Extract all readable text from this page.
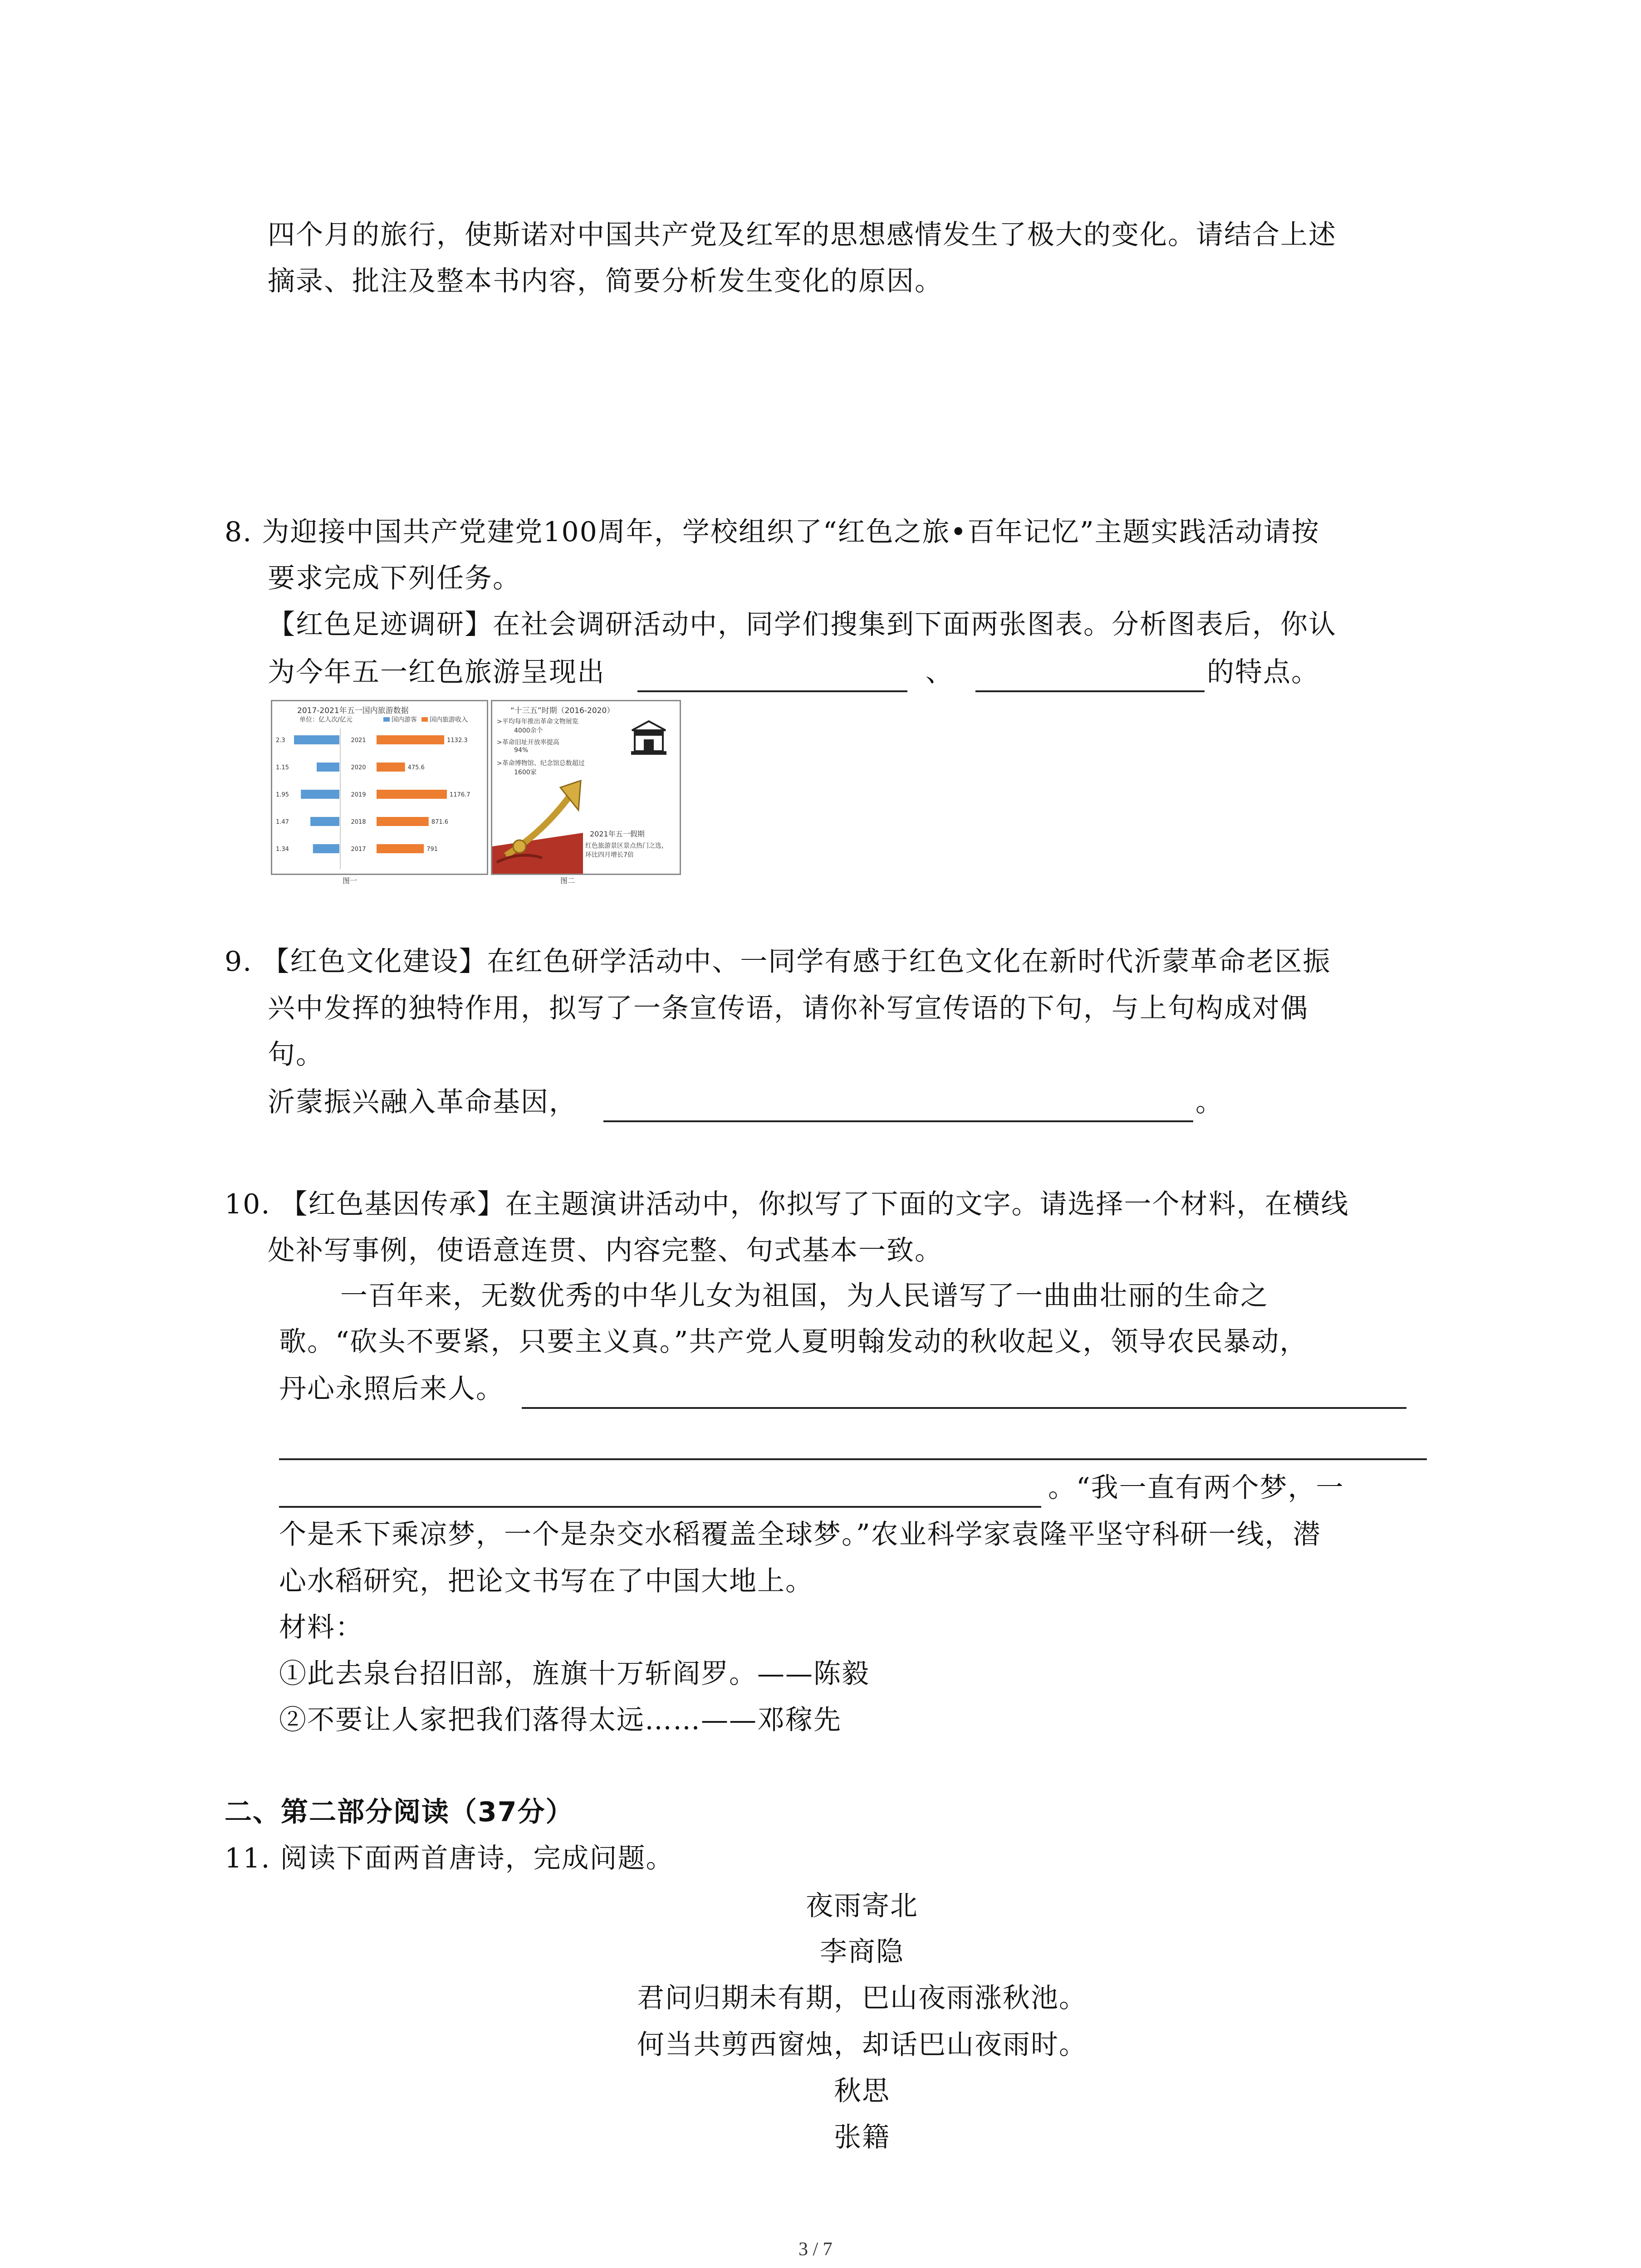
四个月的旅行，使斯诺对中国共产党及红军的思想感情发生了极大的变化。请结合上述
摘录、批注及整本书内容，简要分析发生变化的原因。
8. 为迎接中国共产党建党100周年，学校组织了“红色之旅•百年记忆”主题实践活动请按
要求完成下列任务。
【红色足迹调研】在社会调研活动中，同学们搜集到下面两张图表。分析图表后，你认
为今年五一红色旅游呈现出	、	的特点。
2017-2021年五一国内旅游数据
单位：亿人次/亿元	国内游客 国内旅游收入
2.3	2021	1132.3
1.15	2020	475.6
1.95	2019	1176.7
1.47	2018	871.6
1.34	2017	791
图一
“十三五”时期（2016-2020）
>平均每年推出革命文物展览
4000余个
>革命旧址开放率提高
94%
>革命博物馆、纪念馆总数超过
1600家
2021年五一假期
红色旅游景区景点热门之选，
环比四月增长7倍
图二
9. 【红色文化建设】在红色研学活动中、一同学有感于红色文化在新时代沂蒙革命老区振
兴中发挥的独特作用，拟写了一条宣传语，请你补写宣传语的下句，与上句构成对偶
句。
沂蒙振兴融入革命基因，	。
10. 【红色基因传承】在主题演讲活动中，你拟写了下面的文字。请选择一个材料，在横线
处补写事例，使语意连贯、内容完整、句式基本一致。
一百年来，无数优秀的中华儿女为祖国，为人民谱写了一曲曲壮丽的生命之
歌。“砍头不要紧，只要主义真。”共产党人夏明翰发动的秋收起义，领导农民暴动，
丹心永照后来人。
。“我一直有两个梦，一
个是禾下乘凉梦，一个是杂交水稻覆盖全球梦。”农业科学家袁隆平坚守科研一线，潜
心水稻研究，把论文书写在了中国大地上。
材料：
①此去泉台招旧部，旌旗十万斩阎罗。——陈毅
②不要让人家把我们落得太远……——邓稼先
二、第二部分阅读（37分）
11. 阅读下面两首唐诗，完成问题。
夜雨寄北
李商隐
君问归期未有期，巴山夜雨涨秋池。
何当共剪西窗烛，却话巴山夜雨时。
秋思
张籍
3 / 7
